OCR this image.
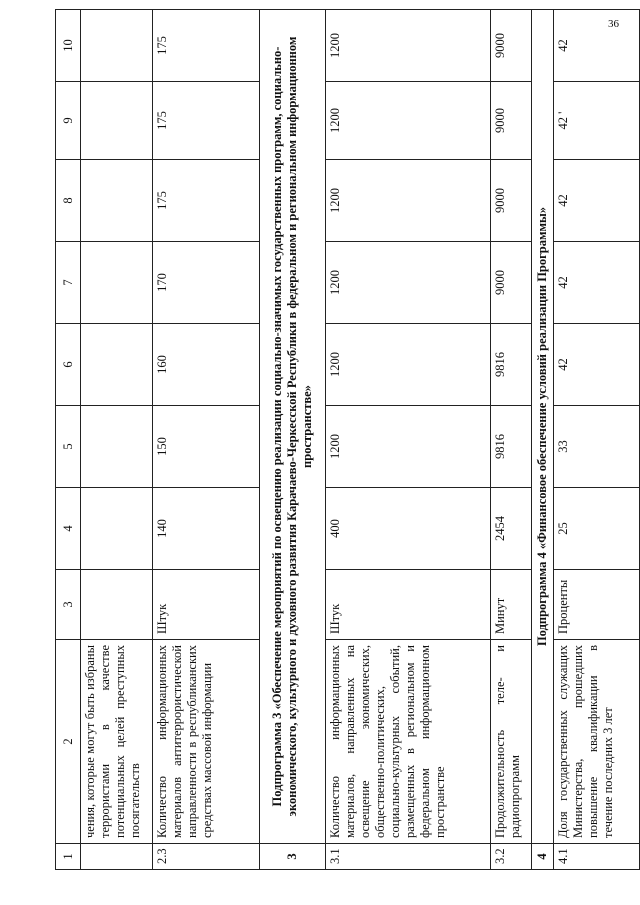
36
1	2	3	4	5	6	7	8	9	10
	чения, которые могут быть избраны террористами в качестве потенциальных целей преступных посягательств								
2.3	Количество информационных материалов антитеррористической направленности в республиканских средствах массовой информации	Штук	140	150	160	170	175	175	175
3	Подпрограмма 3 «Обеспечение мероприятий по освещению реализации социально-значимых государственных программ, социально-экономического, культурного и духовного развития Карачаево-Черкесской Республики в федеральном и региональном информационном пространстве»								
3.1	Количество информационных материалов, направленных на освещение экономических, общественно-политических, социально-культурных событий, размещенных в региональном и федеральном информационном пространстве	Штук	400	1200	1200	1200	1200	1200	1200
3.2	Продолжительность теле- и радиопрограмм	Минут	2454	9816	9816	9000	9000	9000	9000
4	Подпрограмма 4 «Финансовое обеспечение условий реализации Программы»								
4.1	Доля государственных служащих Министерства, прошедших повышение квалификации в течение последних 3 лет	Проценты	25	33	42	42	42	42 '	42
